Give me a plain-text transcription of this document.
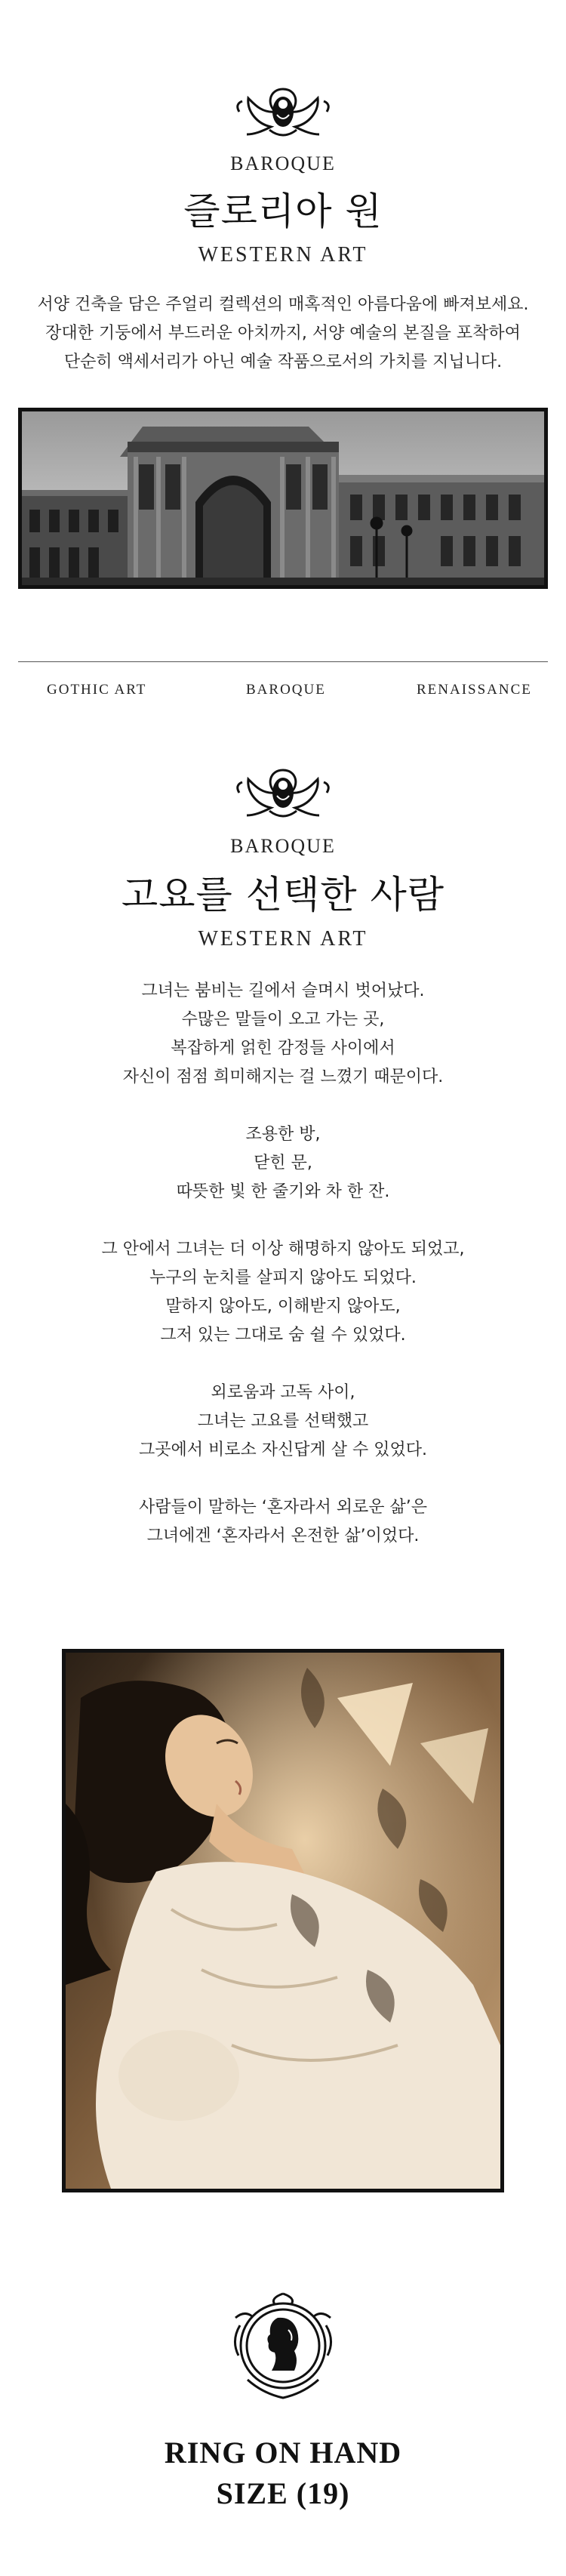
BAROQUE
즐로리아 원
WESTERN ART

서양 건축을 담은 주얼리 컬렉션의 매혹적인 아름다움에 빠져보세요.

장대한 기둥에서 부드러운 아치까지, 서양 예술의 본질을 포착하여

단순히 액세서리가 아닌 예술 작품으로서의 가치를 지닙니다.

GOTHIC ART	BAROQUE	RENAISSANCE
BAROQUE
고요를 선택한 사람
WESTERN ART

그녀는 붐비는 길에서 슬며시 벗어났다.

수많은 말들이 오고 가는 곳,

복잡하게 얽힌 감정들 사이에서

자신이 점점 희미해지는 걸 느꼈기 때문이다.

조용한 방,

닫힌 문,

따뜻한 빛 한 줄기와 차 한 잔.

그 안에서 그녀는 더 이상 해명하지 않아도 되었고,

누구의 눈치를 살피지 않아도 되었다.

말하지 않아도, 이해받지 않아도,

그저 있는 그대로 숨 쉴 수 있었다.

외로움과 고독 사이,

그녀는 고요를 선택했고

그곳에서 비로소 자신답게 살 수 있었다.

사람들이 말하는 ‘혼자라서 외로운 삶’은

그녀에겐 ‘혼자라서 온전한 삶’이었다.

RING ON HAND
SIZE (19)
